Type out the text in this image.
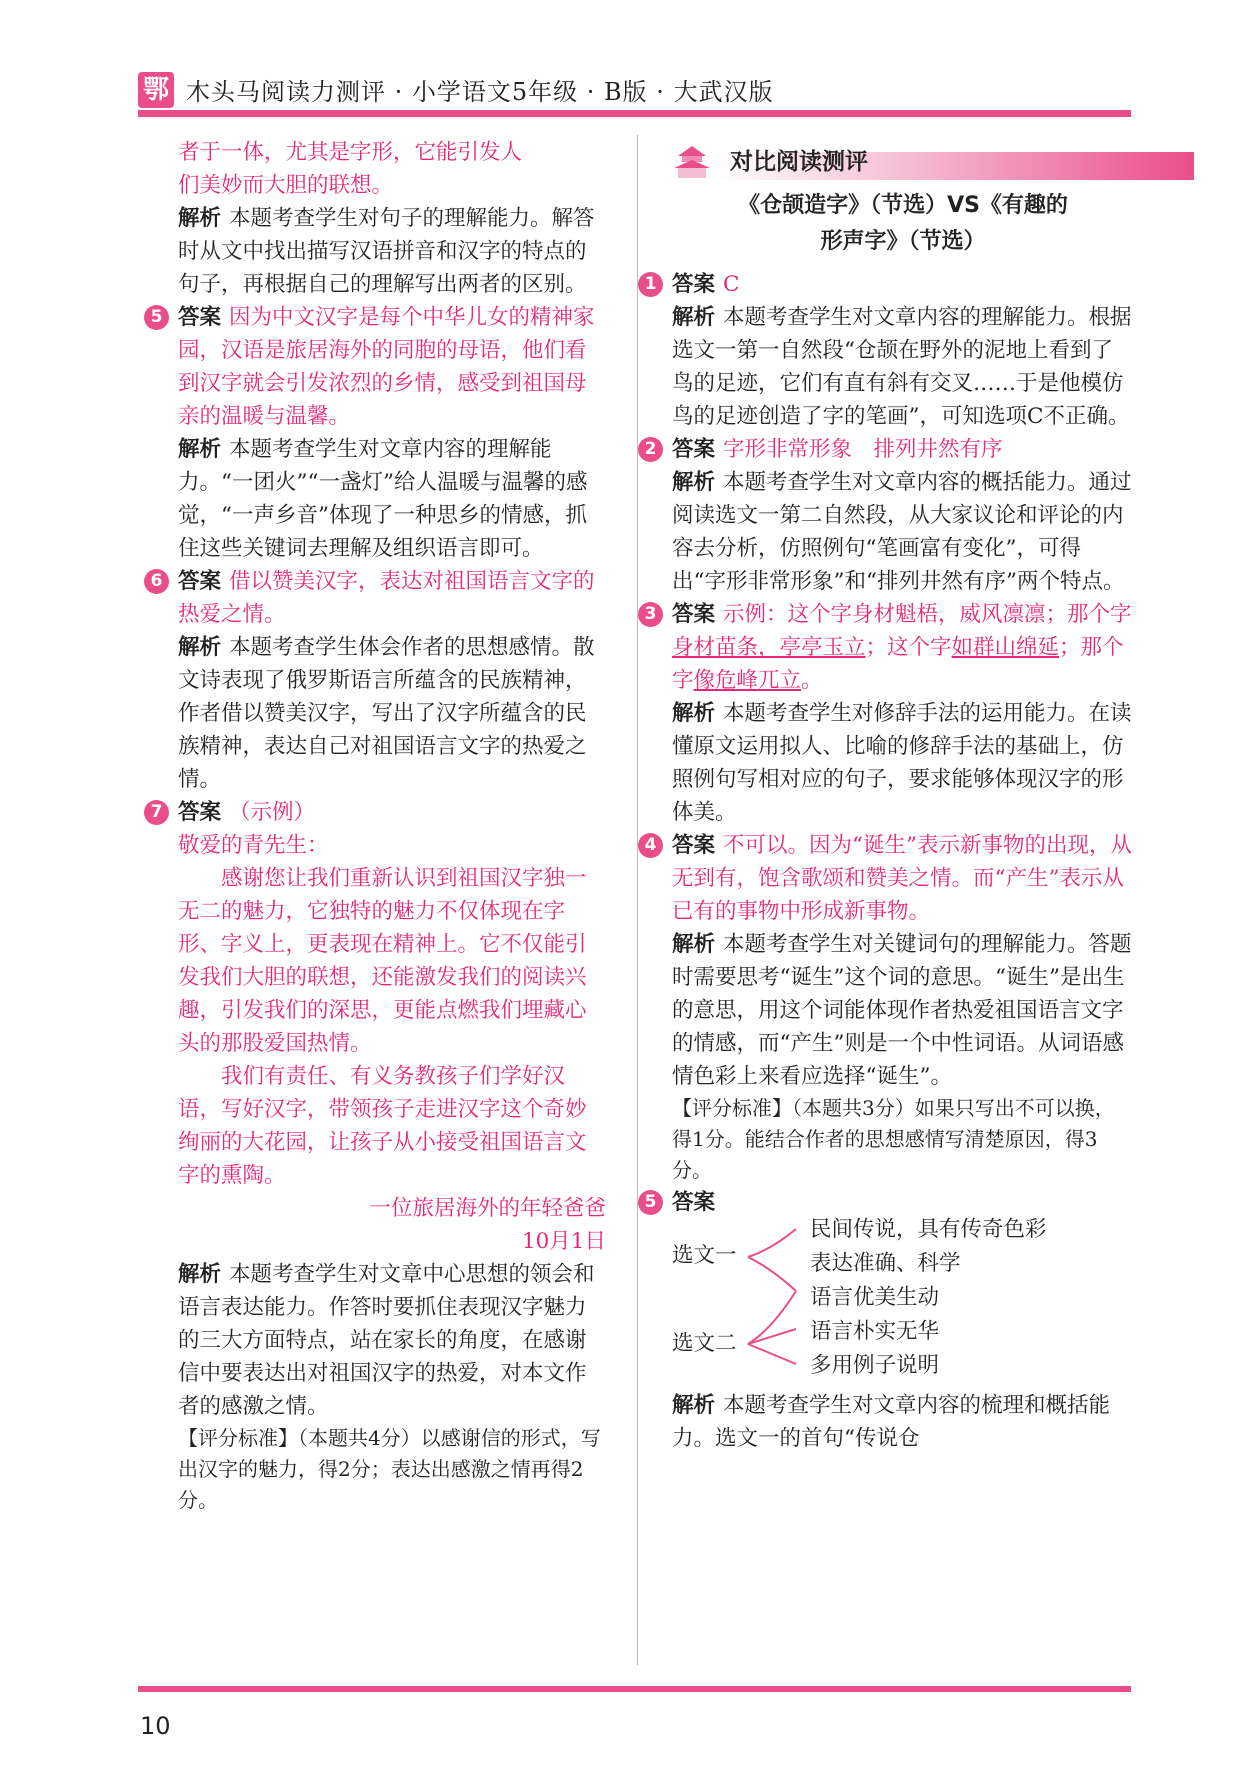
鄂 木头马阅读力测评 · 小学语文5年级 · B版 · 大武汉版

者于一体，尤其是字形，它能引发人

们美妙而大胆的联想。

解析 本题考查学生对句子的理解能力。解答时从文中找出描写汉语拼音和汉字的特点的句子，再根据自己的理解写出两者的区别。

5 答案 因为中文汉字是每个中华儿女的精神家园，汉语是旅居海外的同胞的母语，他们看到汉字就会引发浓烈的乡情，感受到祖国母亲的温暖与温馨。

解析 本题考查学生对文章内容的理解能力。“一团火”“一盏灯”给人温暖与温馨的感觉，“一声乡音”体现了一种思乡的情感，抓住这些关键词去理解及组织语言即可。

6 答案 借以赞美汉字，表达对祖国语言文字的热爱之情。

解析 本题考查学生体会作者的思想感情。散文诗表现了俄罗斯语言所蕴含的民族精神，作者借以赞美汉字，写出了汉字所蕴含的民族精神，表达自己对祖国语言文字的热爱之情。

7 答案 （示例）

敬爱的青先生：

感谢您让我们重新认识到祖国汉字独一无二的魅力，它独特的魅力不仅体现在字形、字义上，更表现在精神上。它不仅能引发我们大胆的联想，还能激发我们的阅读兴趣，引发我们的深思，更能点燃我们埋藏心头的那股爱国热情。

我们有责任、有义务教孩子们学好汉语，写好汉字，带领孩子走进汉字这个奇妙绚丽的大花园，让孩子从小接受祖国语言文字的熏陶。

一位旅居海外的年轻爸爸

10月1日

解析 本题考查学生对文章中心思想的领会和语言表达能力。作答时要抓住表现汉字魅力的三大方面特点，站在家长的角度，在感谢信中要表达出对祖国汉字的热爱，对本文作者的感激之情。

【评分标准】（本题共4分）以感谢信的形式，写出汉字的魅力，得2分；表达出感激之情再得2分。

对比阅读测评

《仓颉造字》（节选）VS《有趣的

形声字》（节选）

1 答案 C

解析 本题考查学生对文章内容的理解能力。根据选文一第一自然段“仓颉在野外的泥地上看到了鸟的足迹，它们有直有斜有交叉……于是他模仿鸟的足迹创造了字的笔画”，可知选项C不正确。

2 答案 字形非常形象　排列井然有序

解析 本题考查学生对文章内容的概括能力。通过阅读选文一第二自然段，从大家议论和评论的内容去分析，仿照例句“笔画富有变化”，可得出“字形非常形象”和“排列井然有序”两个特点。

3 答案 示例：这个字身材魁梧，威风凛凛；那个字身材苗条，亭亭玉立；这个字如群山绵延；那个字像危峰兀立。

解析 本题考查学生对修辞手法的运用能力。在读懂原文运用拟人、比喻的修辞手法的基础上，仿照例句写相对应的句子，要求能够体现汉字的形体美。

4 答案 不可以。因为“诞生”表示新事物的出现，从无到有，饱含歌颂和赞美之情。而“产生”表示从已有的事物中形成新事物。

解析 本题考查学生对关键词句的理解能力。答题时需要思考“诞生”这个词的意思。“诞生”是出生的意思，用这个词能体现作者热爱祖国语言文字的情感，而“产生”则是一个中性词语。从词语感情色彩上来看应选择“诞生”。

【评分标准】（本题共3分）如果只写出不可以换，得1分。能结合作者的思想感情写清楚原因，得3分。

5 答案

选文一
选文二
民间传说，具有传奇色彩
表达准确、科学
语言优美生动
语言朴实无华
多用例子说明

解析 本题考查学生对文章内容的梳理和概括能力。选文一的首句“传说仓

10
